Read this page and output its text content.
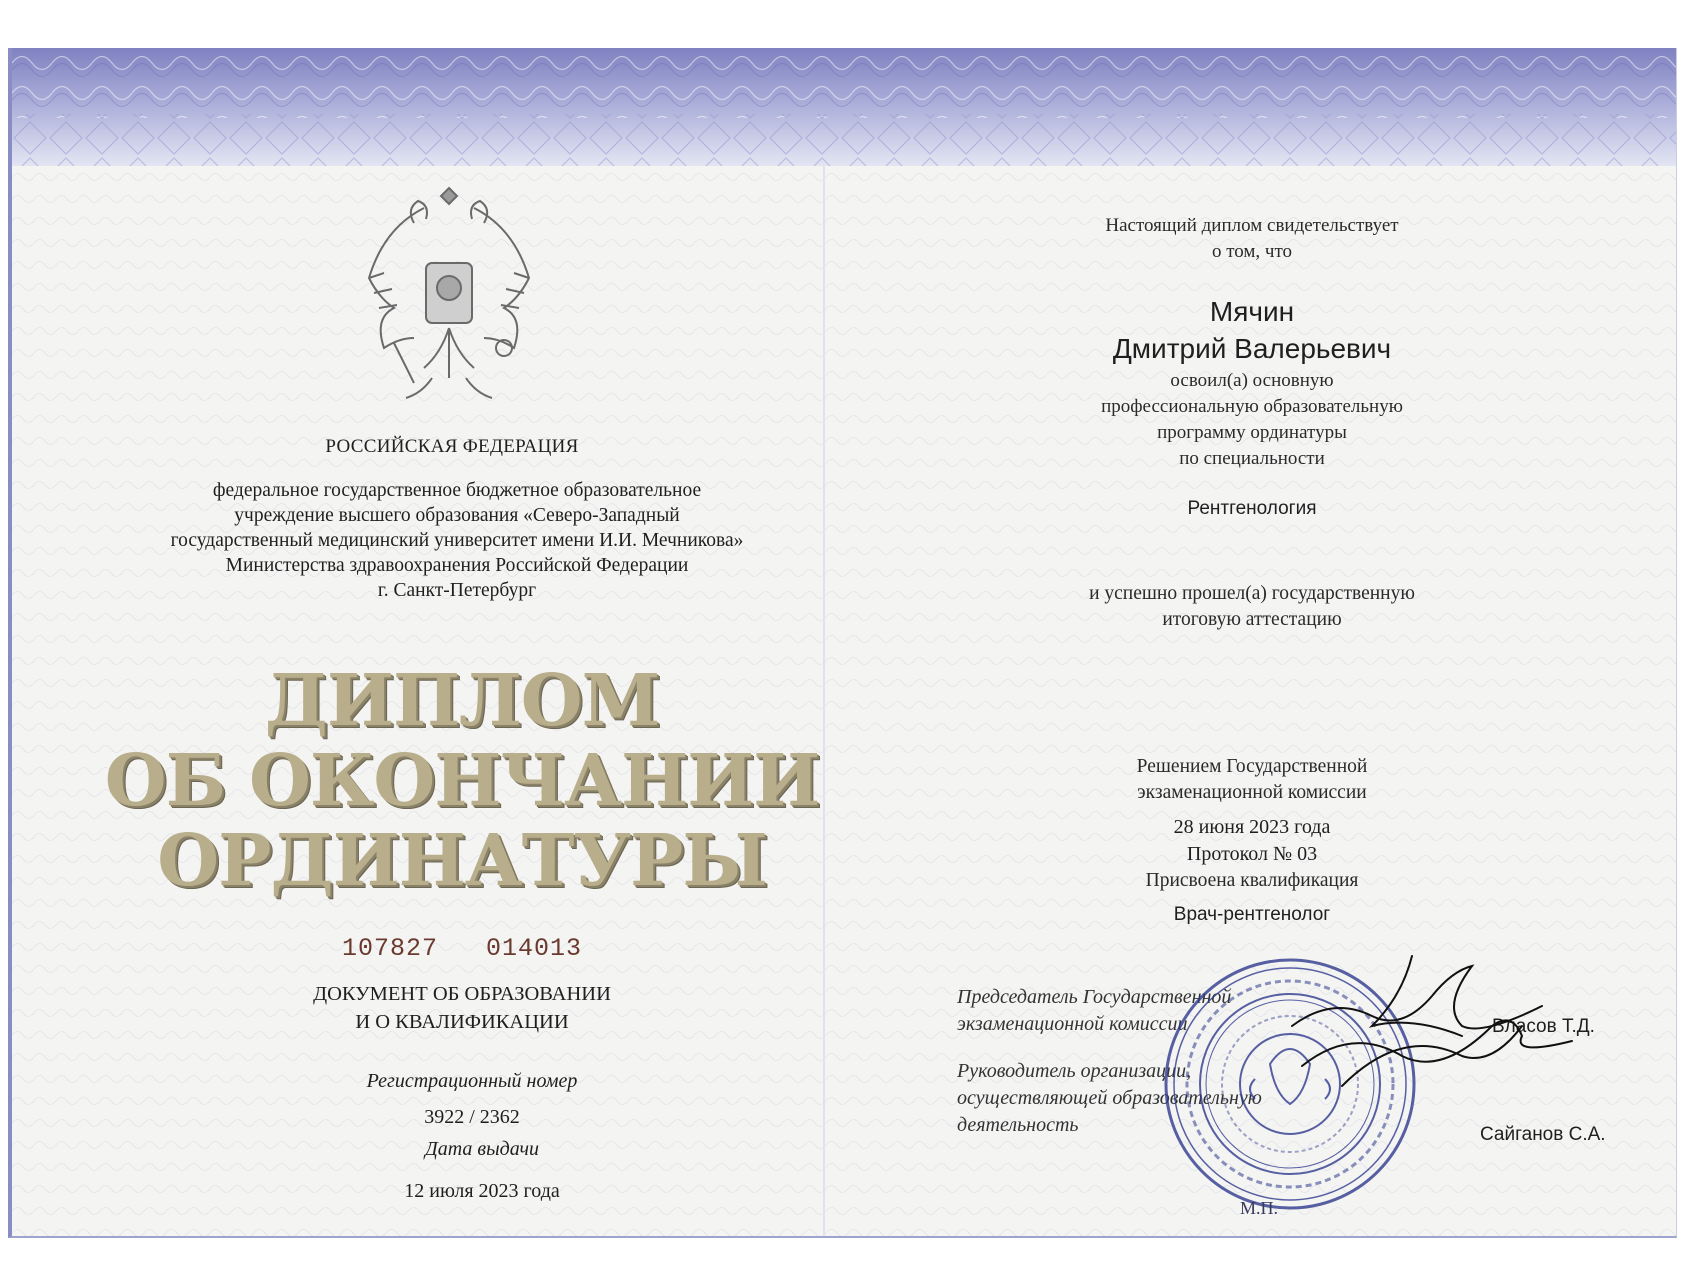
РОССИЙСКАЯ ФЕДЕРАЦИЯ
федеральное государственное бюджетное образовательное
учреждение высшего образования «Северо-Западный
государственный медицинский университет имени И.И. Мечникова»
Министерства здравоохранения Российской Федерации
г. Санкт-Петербург
ДИПЛОМ
ОБ ОКОНЧАНИИ
ОРДИНАТУРЫ
107827   014013
ДОКУМЕНТ ОБ ОБРАЗОВАНИИ
И О КВАЛИФИКАЦИИ
Регистрационный номер
3922 / 2362
Дата выдачи
12 июля 2023 года
Настоящий диплом свидетельствует
о том, что
Мячин
Дмитрий Валерьевич
освоил(а) основную
профессиональную образовательную
программу ординатуры
по специальности
Рентгенология
и успешно прошел(а) государственную
итоговую аттестацию
Решением Государственной
экзаменационной комиссии
28 июня 2023 года
Протокол № 03
Присвоена квалификация
Врач-рентгенолог
Председатель Государственной
экзаменационной комиссии
Руководитель организации,
осуществляющей образовательную
деятельность
Власов Т.Д.
Сайганов С.А.
М.П.
